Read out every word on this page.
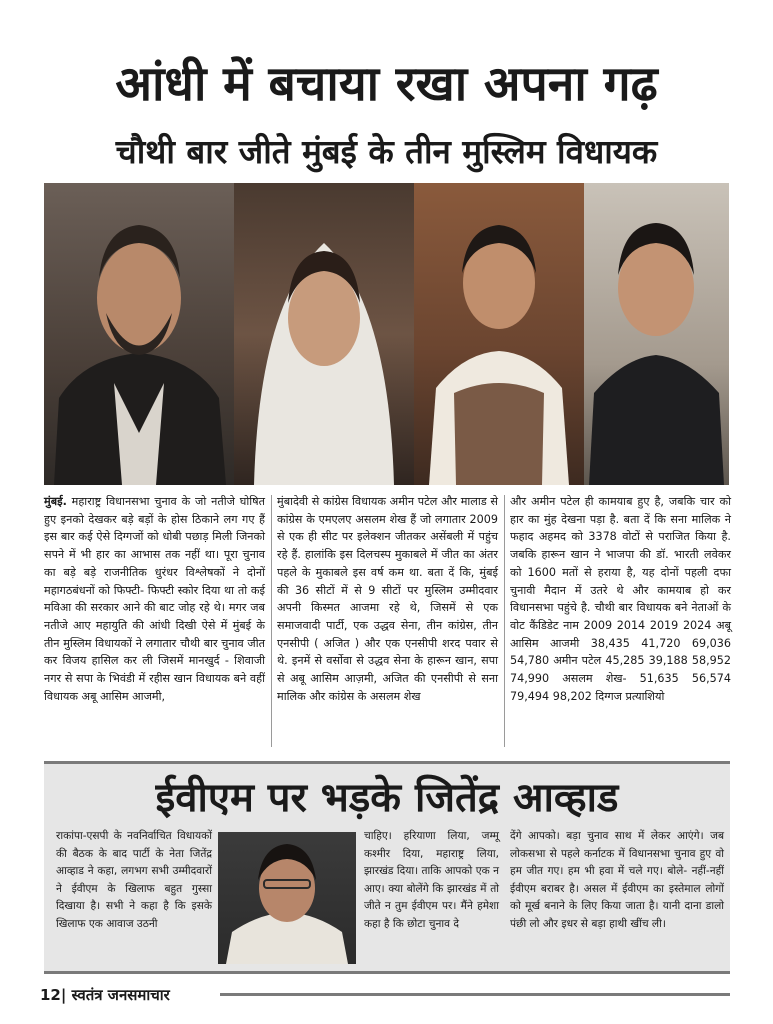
आंधी में बचाया रखा अपना गढ़
चौथी बार जीते मुंबई के तीन मुस्लिम विधायक
मुंबई. महाराष्ट्र विधानसभा चुनाव के जो नतीजे घोषित हुए इनको देखकर बड़े बड़ों के होस ठिकाने लग गए हैं इस बार कई ऐसे दिग्गजों को धोबी पछाड़ मिली जिनको सपने में भी हार का आभास तक नहीं था। पूरा चुनाव का बड़े बड़े राजनीतिक धुरंधर विश्लेषकों ने दोनों महागठबंधनों को फिफ्टी- फिफ्टी स्कोर दिया था तो कई मविआ की सरकार आने की बाट जोह रहे थे। मगर जब नतीजे आए महायुति की आंधी दिखी ऐसे में मुंबई के तीन मुस्लिम विधायकों ने लगातार चौथी बार चुनाव जीत कर विजय हासिल कर ली जिसमें मानखुर्द - शिवाजी नगर से सपा के भिवंडी में रहीस खान विधायक बने वहीं विधायक अबू आसिम आजमी,
मुंबादेवी से कांग्रेस विधायक अमीन पटेल और मालाड से कांग्रेस के एमएलए असलम शेख हैं जो लगातार 2009 से एक ही सीट पर इलेक्शन जीतकर असेंबली में पहुंच रहे हैं. हालांकि इस दिलचस्प मुकाबले में जीत का अंतर पहले के मुकाबले इस वर्ष कम था. बता दें कि, मुंबई की 36 सीटों में से 9 सीटों पर मुस्लिम उम्मीदवार अपनी किस्मत आजमा रहे थे, जिसमें से एक समाजवादी पार्टी, एक उद्धव सेना, तीन कांग्रेस, तीन एनसीपी ( अजित ) और एक एनसीपी शरद पवार से थे. इनमें से वर्सोवा से उद्धव सेना के हारून खान, सपा से अबू आसिम आज़मी, अजित की एनसीपी से सना मालिक और कांग्रेस के असलम शेख
और अमीन पटेल ही कामयाब हुए है, जबकि चार को हार का मुंह देखना पड़ा है. बता दें कि सना मालिक ने फहाद अहमद को 3378 वोटों से पराजित किया है. जबकि हारून खान ने भाजपा की डॉ. भारती लवेकर को 1600 मतों से हराया है, यह दोनों पहली दफा चुनावी मैदान में उतरे थे और कामयाब हो कर विधानसभा पहुंचे है. चौथी बार विधायक बने नेताओं के वोट कैंडिडेट नाम 2009 2014 2019 2024 अबू आसिम आजमी 38,435 41,720 69,036 54,780 अमीन पटेल 45,285 39,188 58,952 74,990 असलम शेख- 51,635 56,574 79,494 98,202 दिग्गज प्रत्याशियो
ईवीएम पर भड़के जितेंद्र आव्हाड
राकांपा-एसपी के नवनिर्वाचित विधायकों की बैठक के बाद पार्टी के नेता जितेंद्र आव्हाड ने कहा, लगभग सभी उम्मीदवारों ने ईवीएम के खिलाफ बहुत गुस्सा दिखाया है। सभी ने कहा है कि इसके खिलाफ एक आवाज उठनी
चाहिए। हरियाणा लिया, जम्मू कश्मीर दिया, महाराष्ट्र लिया, झारखंड दिया। ताकि आपको एक न आए। क्या बोलेंगे कि झारखंड में तो जीते न तुम ईवीएम पर। मैंने हमेशा कहा है कि छोटा चुनाव दे
देंगे आपको। बड़ा चुनाव साथ में लेकर आएंगे। जब लोकसभा से पहले कर्नाटक में विधानसभा चुनाव हुए वो हम जीत गए। हम भी हवा में चले गए। बोले- नहीं-नहीं ईवीएम बराबर है। असल में ईवीएम का इस्तेमाल लोगों को मूर्ख बनाने के लिए किया जाता है। यानी दाना डालो पंछी लो और इधर से बड़ा हाथी खींच ली।
12| स्वतंत्र जनसमाचार
